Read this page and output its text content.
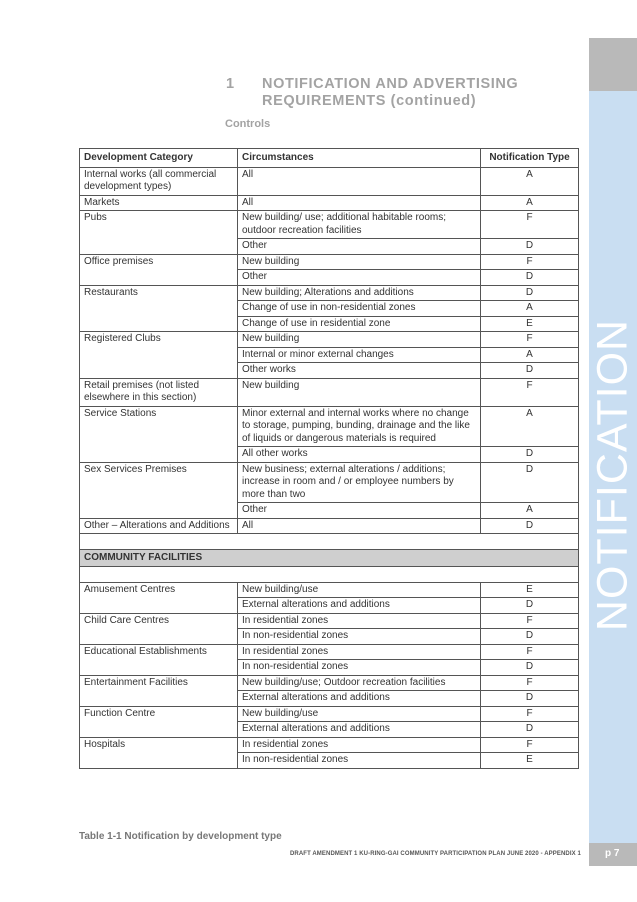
NOTIFICATION
1 NOTIFICATION AND ADVERTISING
REQUIREMENTS (continued)
Controls
Development Category	Circumstances	Notification Type
Internal works (all commercial development types)	All	A
Markets	All	A
Pubs	New building/ use; additional habitable rooms; outdoor recreation facilities	F
	Other	D
Office premises	New building	F
	Other	D
Restaurants	New building; Alterations and additions	D
	Change of use in non-residential zones	A
	Change of use in residential zone	E
Registered Clubs	New building	F
	Internal or minor external changes	A
	Other works	D
Retail premises (not listed elsewhere in this section)	New building	F
Service Stations	Minor external and internal works where no change to storage, pumping, bunding, drainage and the like of liquids or dangerous materials is required	A
	All other works	D
Sex Services Premises	New business; external alterations / additions; increase in room and / or employee numbers by more than two	D
	Other	A
Other – Alterations and Additions	All	D

COMMUNITY FACILITIES		

Amusement Centres	New building/use	E
	External alterations and additions	D
Child Care Centres	In residential zones	F
	In non-residential zones	D
Educational Establishments	In residential zones	F
	In non-residential zones	D
Entertainment Facilities	New building/use; Outdoor recreation facilities	F
	External alterations and additions	D
Function Centre	New building/use	F
	External alterations and additions	D
Hospitals	In residential zones	F
	In non-residential zones	E
Table 1-1 Notification by development type
DRAFT AMENDMENT 1 KU-RING-GAI COMMUNITY PARTICIPATION PLAN JUNE 2020 - APPENDIX 1 p 7
